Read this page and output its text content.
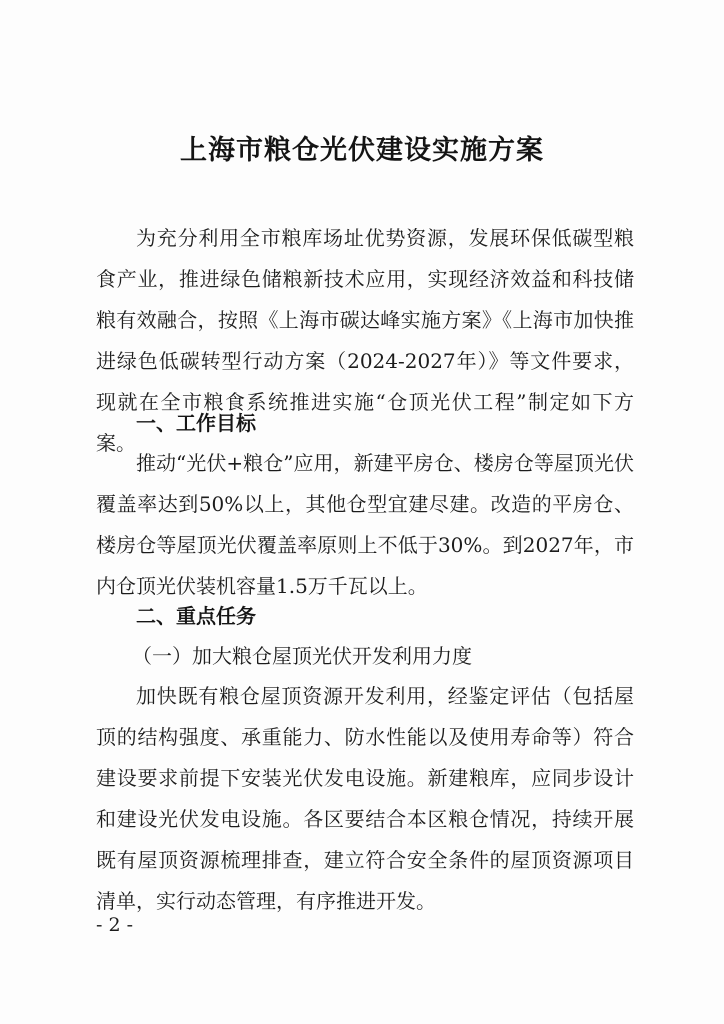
上海市粮仓光伏建设实施方案

为充分利用全市粮库场址优势资源，发展环保低碳型粮食产业，推进绿色储粮新技术应用，实现经济效益和科技储粮有效融合，按照《上海市碳达峰实施方案》《上海市加快推进绿色低碳转型行动方案（2024-2027年）》等文件要求，现就在全市粮食系统推进实施“仓顶光伏工程”制定如下方案。

一、工作目标

推动“光伏+粮仓”应用，新建平房仓、楼房仓等屋顶光伏覆盖率达到50%以上，其他仓型宜建尽建。改造的平房仓、楼房仓等屋顶光伏覆盖率原则上不低于30%。到2027年，市内仓顶光伏装机容量1.5万千瓦以上。

二、重点任务
（一）加大粮仓屋顶光伏开发利用力度

加快既有粮仓屋顶资源开发利用，经鉴定评估（包括屋顶的结构强度、承重能力、防水性能以及使用寿命等）符合建设要求前提下安装光伏发电设施。新建粮库，应同步设计和建设光伏发电设施。各区要结合本区粮仓情况，持续开展既有屋顶资源梳理排查，建立符合安全条件的屋顶资源项目清单，实行动态管理，有序推进开发。

- 2 -
